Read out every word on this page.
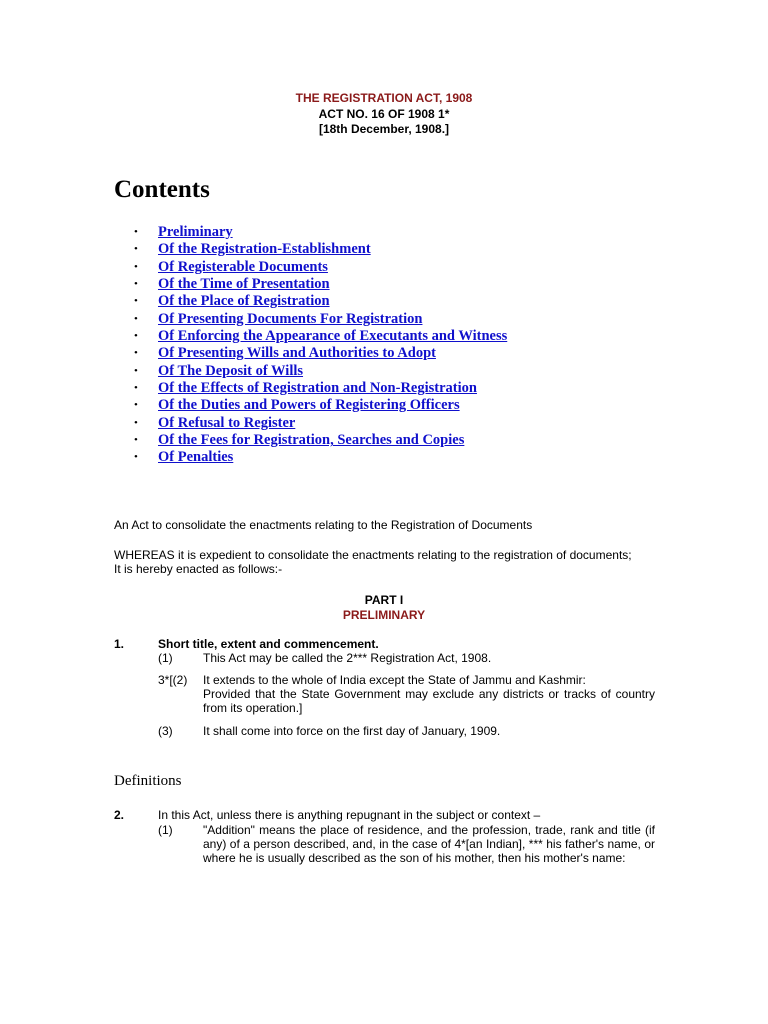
THE REGISTRATION ACT, 1908
ACT NO. 16 OF 1908 1*
[18th December, 1908.]
Contents
• Preliminary
• Of the Registration-Establishment
• Of Registerable Documents
• Of the Time of Presentation
• Of the Place of Registration
• Of Presenting Documents For Registration
• Of Enforcing the Appearance of Executants and Witness
• Of Presenting Wills and Authorities to Adopt
• Of The Deposit of Wills
• Of the Effects of Registration and Non-Registration
• Of the Duties and Powers of Registering Officers
• Of Refusal to Register
• Of the Fees for Registration, Searches and Copies
• Of Penalties
An Act to consolidate the enactments relating to the Registration of Documents
WHEREAS it is expedient to consolidate the enactments relating to the registration of documents;
It is hereby enacted as follows:-
PART I
PRELIMINARY
1.	Short title, extent and commencement.
(1)	This Act may be called the 2*** Registration Act, 1908.
3*[(2) It extends to the whole of India except the State of Jammu and Kashmir:
Provided that the State Government may exclude any districts or tracks of country from its operation.]
(3)	It shall come into force on the first day of January, 1909.
Definitions
2.	In this Act, unless there is anything repugnant in the subject or context –
(1)	"Addition" means the place of residence, and the profession, trade, rank and title (if any) of a person described, and, in the case of 4*[an Indian], *** his father's name, or where he is usually described as the son of his mother, then his mother's name:
